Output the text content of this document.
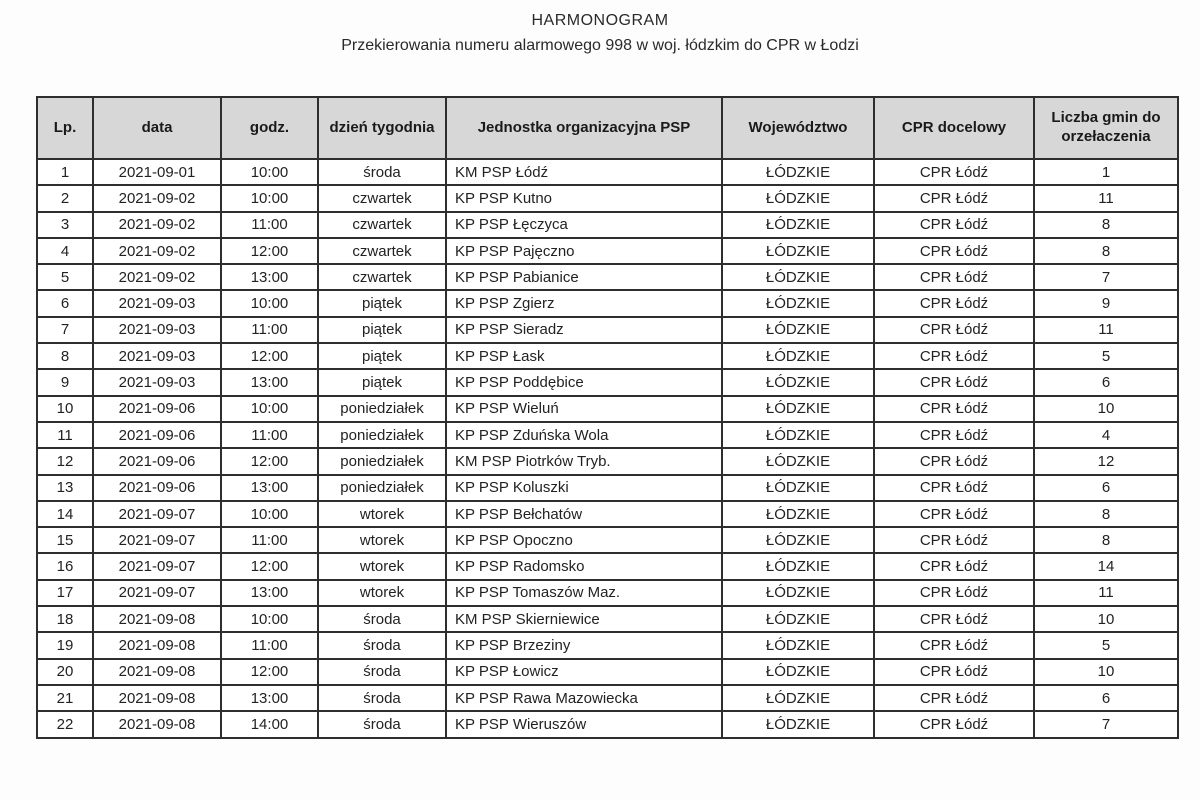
HARMONOGRAM
Przekierowania numeru alarmowego 998 w woj. łódzkim do CPR w Łodzi
Lp.	data	godz.	dzień tygodnia	Jednostka organizacyjna PSP	Województwo	CPR docelowy	Liczba gmin do orzełaczenia
1	2021-09-01	10:00	środa	KM PSP Łódź	ŁÓDZKIE	CPR Łódź	1
2	2021-09-02	10:00	czwartek	KP PSP Kutno	ŁÓDZKIE	CPR Łódź	11
3	2021-09-02	11:00	czwartek	KP PSP Łęczyca	ŁÓDZKIE	CPR Łódź	8
4	2021-09-02	12:00	czwartek	KP PSP Pajęczno	ŁÓDZKIE	CPR Łódź	8
5	2021-09-02	13:00	czwartek	KP PSP Pabianice	ŁÓDZKIE	CPR Łódź	7
6	2021-09-03	10:00	piątek	KP PSP Zgierz	ŁÓDZKIE	CPR Łódź	9
7	2021-09-03	11:00	piątek	KP PSP Sieradz	ŁÓDZKIE	CPR Łódź	11
8	2021-09-03	12:00	piątek	KP PSP Łask	ŁÓDZKIE	CPR Łódź	5
9	2021-09-03	13:00	piątek	KP PSP Poddębice	ŁÓDZKIE	CPR Łódź	6
10	2021-09-06	10:00	poniedziałek	KP PSP Wieluń	ŁÓDZKIE	CPR Łódź	10
11	2021-09-06	11:00	poniedziałek	KP PSP Zduńska Wola	ŁÓDZKIE	CPR Łódź	4
12	2021-09-06	12:00	poniedziałek	KM PSP Piotrków Tryb.	ŁÓDZKIE	CPR Łódź	12
13	2021-09-06	13:00	poniedziałek	KP PSP Koluszki	ŁÓDZKIE	CPR Łódź	6
14	2021-09-07	10:00	wtorek	KP PSP Bełchatów	ŁÓDZKIE	CPR Łódź	8
15	2021-09-07	11:00	wtorek	KP PSP Opoczno	ŁÓDZKIE	CPR Łódź	8
16	2021-09-07	12:00	wtorek	KP PSP Radomsko	ŁÓDZKIE	CPR Łódź	14
17	2021-09-07	13:00	wtorek	KP PSP Tomaszów Maz.	ŁÓDZKIE	CPR Łódź	11
18	2021-09-08	10:00	środa	KM PSP Skierniewice	ŁÓDZKIE	CPR Łódź	10
19	2021-09-08	11:00	środa	KP PSP Brzeziny	ŁÓDZKIE	CPR Łódź	5
20	2021-09-08	12:00	środa	KP PSP Łowicz	ŁÓDZKIE	CPR Łódź	10
21	2021-09-08	13:00	środa	KP PSP Rawa Mazowiecka	ŁÓDZKIE	CPR Łódź	6
22	2021-09-08	14:00	środa	KP PSP Wieruszów	ŁÓDZKIE	CPR Łódź	7
